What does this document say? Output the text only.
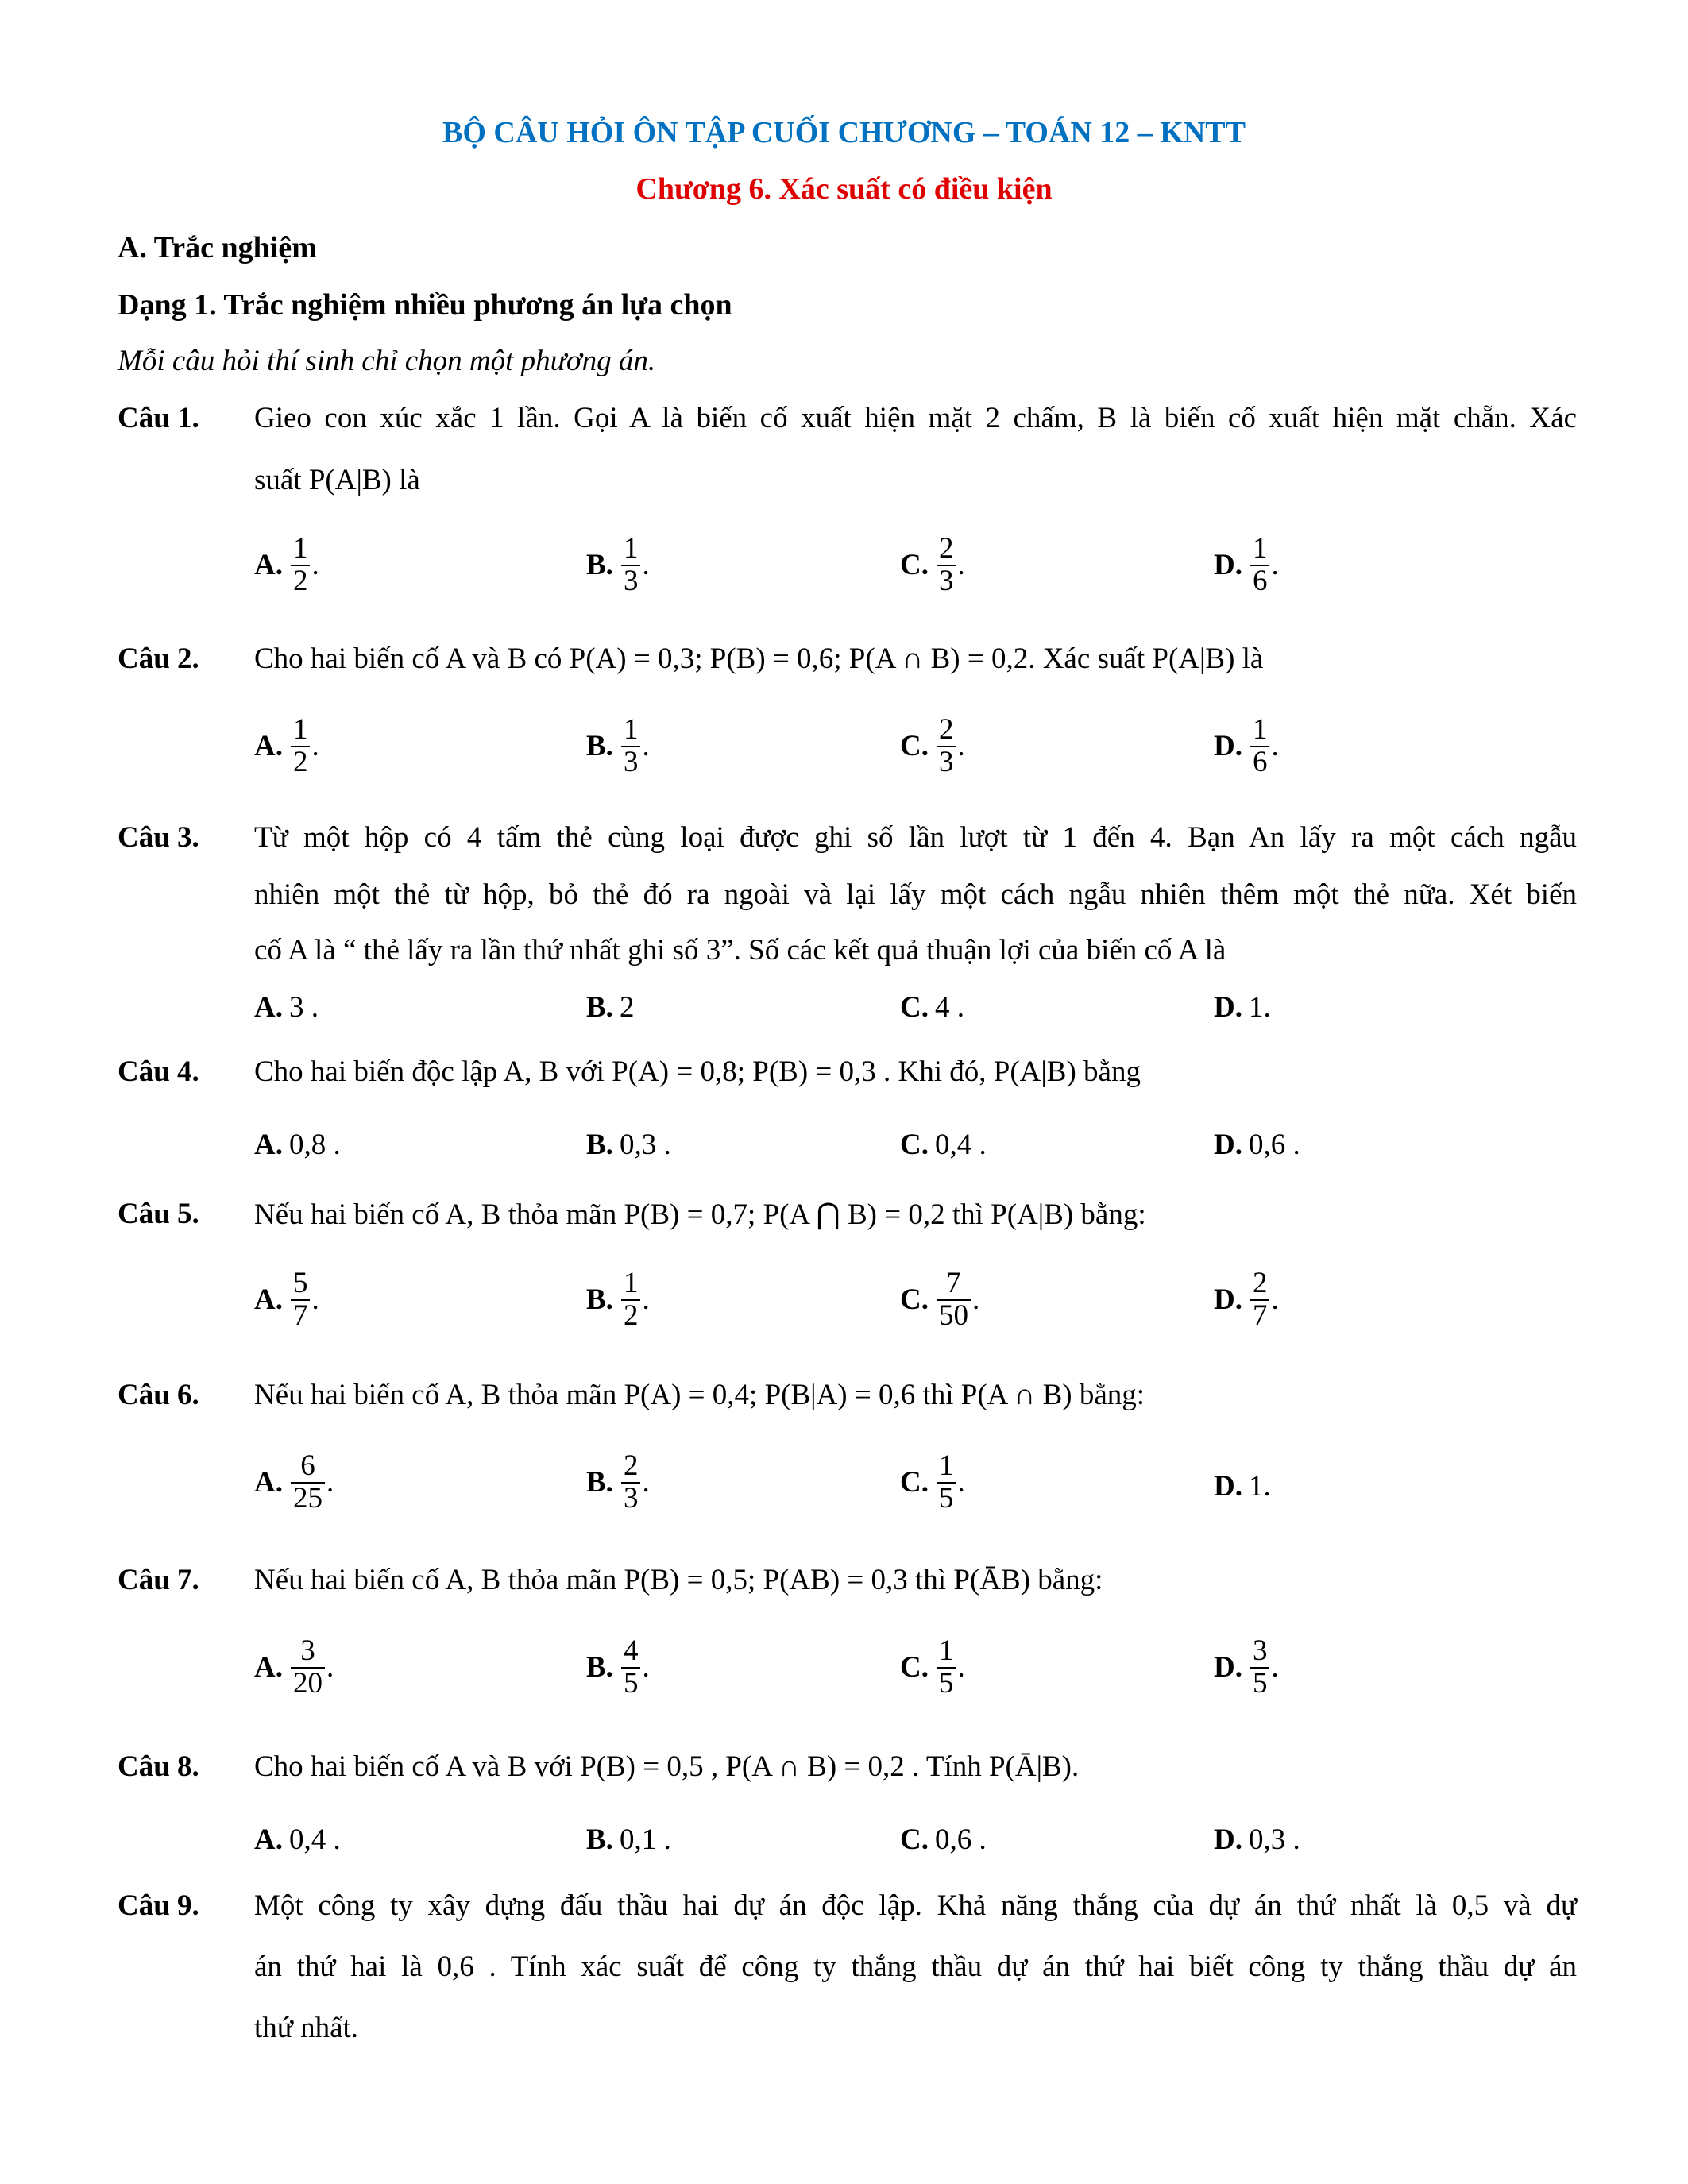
BỘ CÂU HỎI ÔN TẬP CUỐI CHƯƠNG – TOÁN 12 – KNTT
Chương 6. Xác suất có điều kiện
A. Trắc nghiệm
Dạng 1. Trắc nghiệm nhiều phương án lựa chọn
Mỗi câu hỏi thí sinh chỉ chọn một phương án.
Câu 1. Gieo con xúc xắc 1 lần. Gọi A là biến cố xuất hiện mặt 2 chấm, B là biến cố xuất hiện mặt chẵn. Xác
suất P(A|B) là
A. $\frac{1}{2}$ .	B. $\frac{1}{3}$ .	C. $\frac{2}{3}$ .	D. $\frac{1}{6}$ .
Câu 2. Cho hai biến cố A và B có P(A) = 0,3; P(B) = 0,6; P(A ∩ B) = 0,2. Xác suất P(A|B) là
A. $\frac{1}{2}$ .	B. $\frac{1}{3}$ .	C. $\frac{2}{3}$ .	D. $\frac{1}{6}$ .
Câu 3. Từ một hộp có 4 tấm thẻ cùng loại được ghi số lần lượt từ 1 đến 4. Bạn An lấy ra một cách ngẫu
nhiên một thẻ từ hộp, bỏ thẻ đó ra ngoài và lại lấy một cách ngẫu nhiên thêm một thẻ nữa. Xét biến
cố A là “ thẻ lấy ra lần thứ nhất ghi số 3”. Số các kết quả thuận lợi của biến cố A là
A. 3 .	B. 2	C. 4 .	D. 1.
Câu 4. Cho hai biến độc lập A, B với P(A) = 0,8; P(B) = 0,3 . Khi đó, P(A|B) bằng
A. 0,8 .	B. 0,3 .	C. 0,4 .	D. 0,6 .
Câu 5. Nếu hai biến cố A, B thỏa mãn P(B) = 0,7; P(A ⋂ B) = 0,2 thì P(A|B) bằng:
A. $\frac{5}{7}$ .	B. $\frac{1}{2}$ .	C. $\frac{7}{50}$ .	D. $\frac{2}{7}$ .
Câu 6. Nếu hai biến cố A, B thỏa mãn P(A) = 0,4; P(B|A) = 0,6 thì P(A ∩ B) bằng:
A. $\frac{6}{25}$ .	B. $\frac{2}{3}$ .	C. $\frac{1}{5}$ .	D. 1.
Câu 7. Nếu hai biến cố A, B thỏa mãn P(B) = 0,5; P(AB) = 0,3 thì P(ĀB) bằng:
A. $\frac{3}{20}$ .	B. $\frac{4}{5}$ .	C. $\frac{1}{5}$ .	D. $\frac{3}{5}$ .
Câu 8. Cho hai biến cố A và B với P(B) = 0,5 , P(A ∩ B) = 0,2 . Tính P(Ā|B).
A. 0,4 .	B. 0,1 .	C. 0,6 .	D. 0,3 .
Câu 9. Một công ty xây dựng đấu thầu hai dự án độc lập. Khả năng thắng của dự án thứ nhất là 0,5 và dự
án thứ hai là 0,6 . Tính xác suất để công ty thắng thầu dự án thứ hai biết công ty thắng thầu dự án
thứ nhất.
